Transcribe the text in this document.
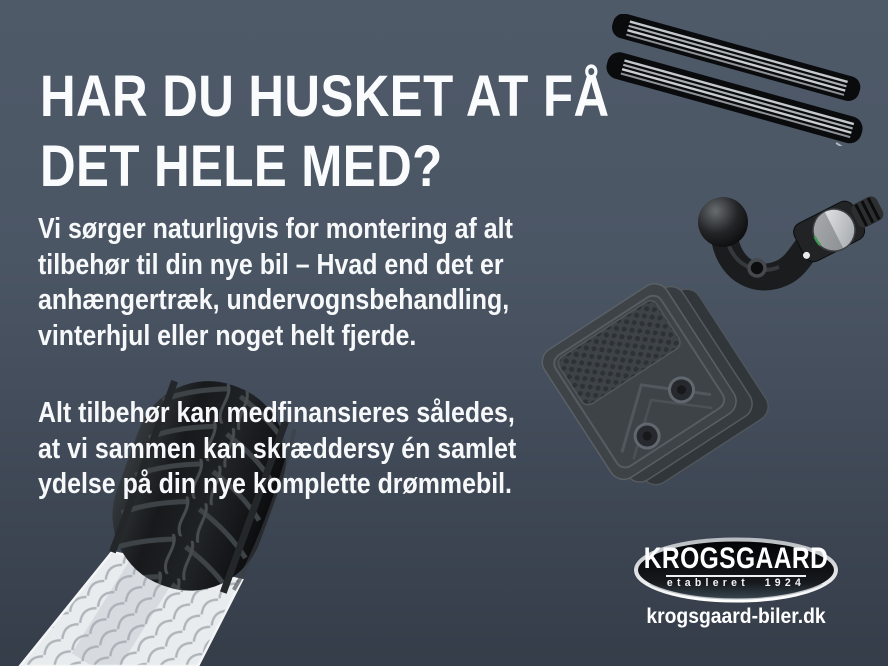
HAR DU HUSKET AT FÅ
DET HELE MED?
Vi sørger naturligvis for montering af alt
tilbehør til din nye bil – Hvad end det er
anhængertræk, undervognsbehandling,
vinterhjul eller noget helt fjerde.
Alt tilbehør kan medfinansieres således,
at vi sammen kan skræddersy én samlet
ydelse på din nye komplette drømmebil.
KROGSGAARD
etableret 1924
krogsgaard-biler.dk
